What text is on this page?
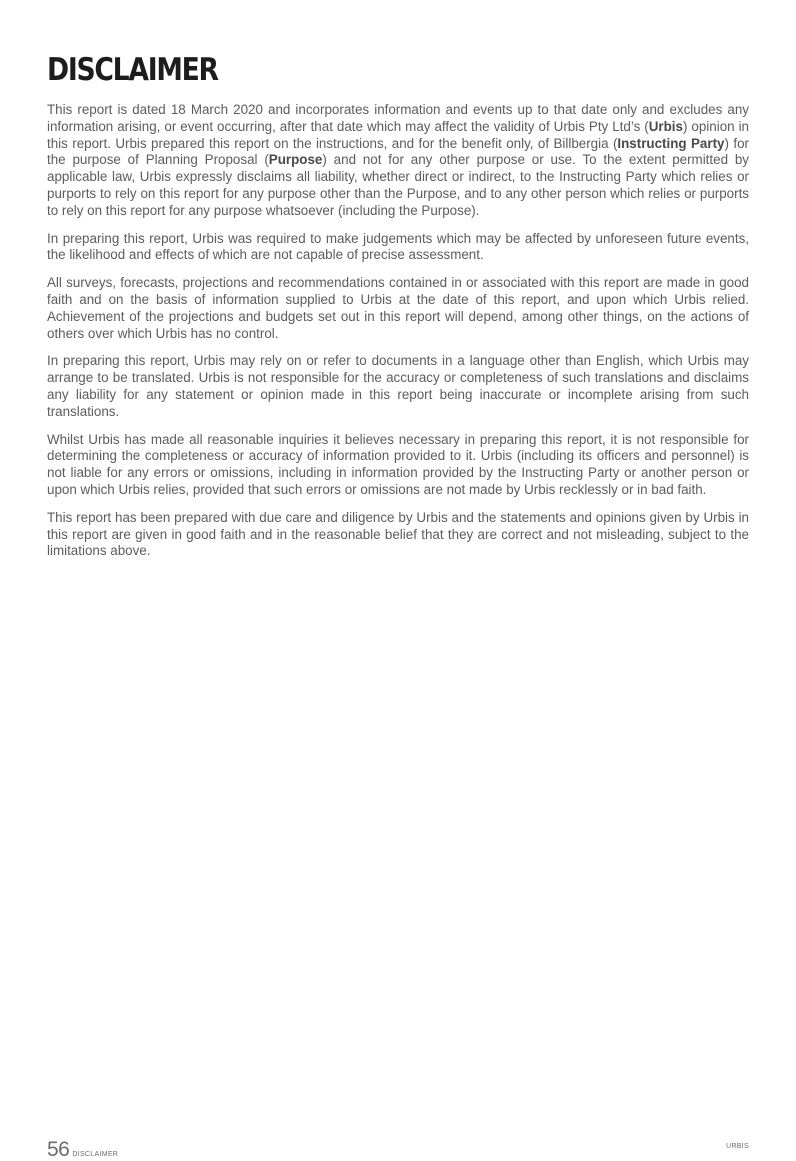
DISCLAIMER

This report is dated 18 March 2020 and incorporates information and events up to that date only and excludes any information arising, or event occurring, after that date which may affect the validity of Urbis Pty Ltd’s (Urbis) opinion in this report. Urbis prepared this report on the instructions, and for the benefit only, of Billbergia (Instructing Party) for the purpose of Planning Proposal (Purpose) and not for any other purpose or use. To the extent permitted by applicable law, Urbis expressly disclaims all liability, whether direct or indirect, to the Instructing Party which relies or purports to rely on this report for any purpose other than the Purpose, and to any other person which relies or purports to rely on this report for any purpose whatsoever (including the Purpose).

In preparing this report, Urbis was required to make judgements which may be affected by unforeseen future events, the likelihood and effects of which are not capable of precise assessment.

All surveys, forecasts, projections and recommendations contained in or associated with this report are made in good faith and on the basis of information supplied to Urbis at the date of this report, and upon which Urbis relied. Achievement of the projections and budgets set out in this report will depend, among other things, on the actions of others over which Urbis has no control.

In preparing this report, Urbis may rely on or refer to documents in a language other than English, which Urbis may arrange to be translated. Urbis is not responsible for the accuracy or completeness of such translations and disclaims any liability for any statement or opinion made in this report being inaccurate or incomplete arising from such translations.

Whilst Urbis has made all reasonable inquiries it believes necessary in preparing this report, it is not responsible for determining the completeness or accuracy of information provided to it. Urbis (including its officers and personnel) is not liable for any errors or omissions, including in information provided by the Instructing Party or another person or upon which Urbis relies, provided that such errors or omissions are not made by Urbis recklessly or in bad faith.

This report has been prepared with due care and diligence by Urbis and the statements and opinions given by Urbis in this report are given in good faith and in the reasonable belief that they are correct and not misleading, subject to the limitations above.

56 DISCLAIMER
URBIS
